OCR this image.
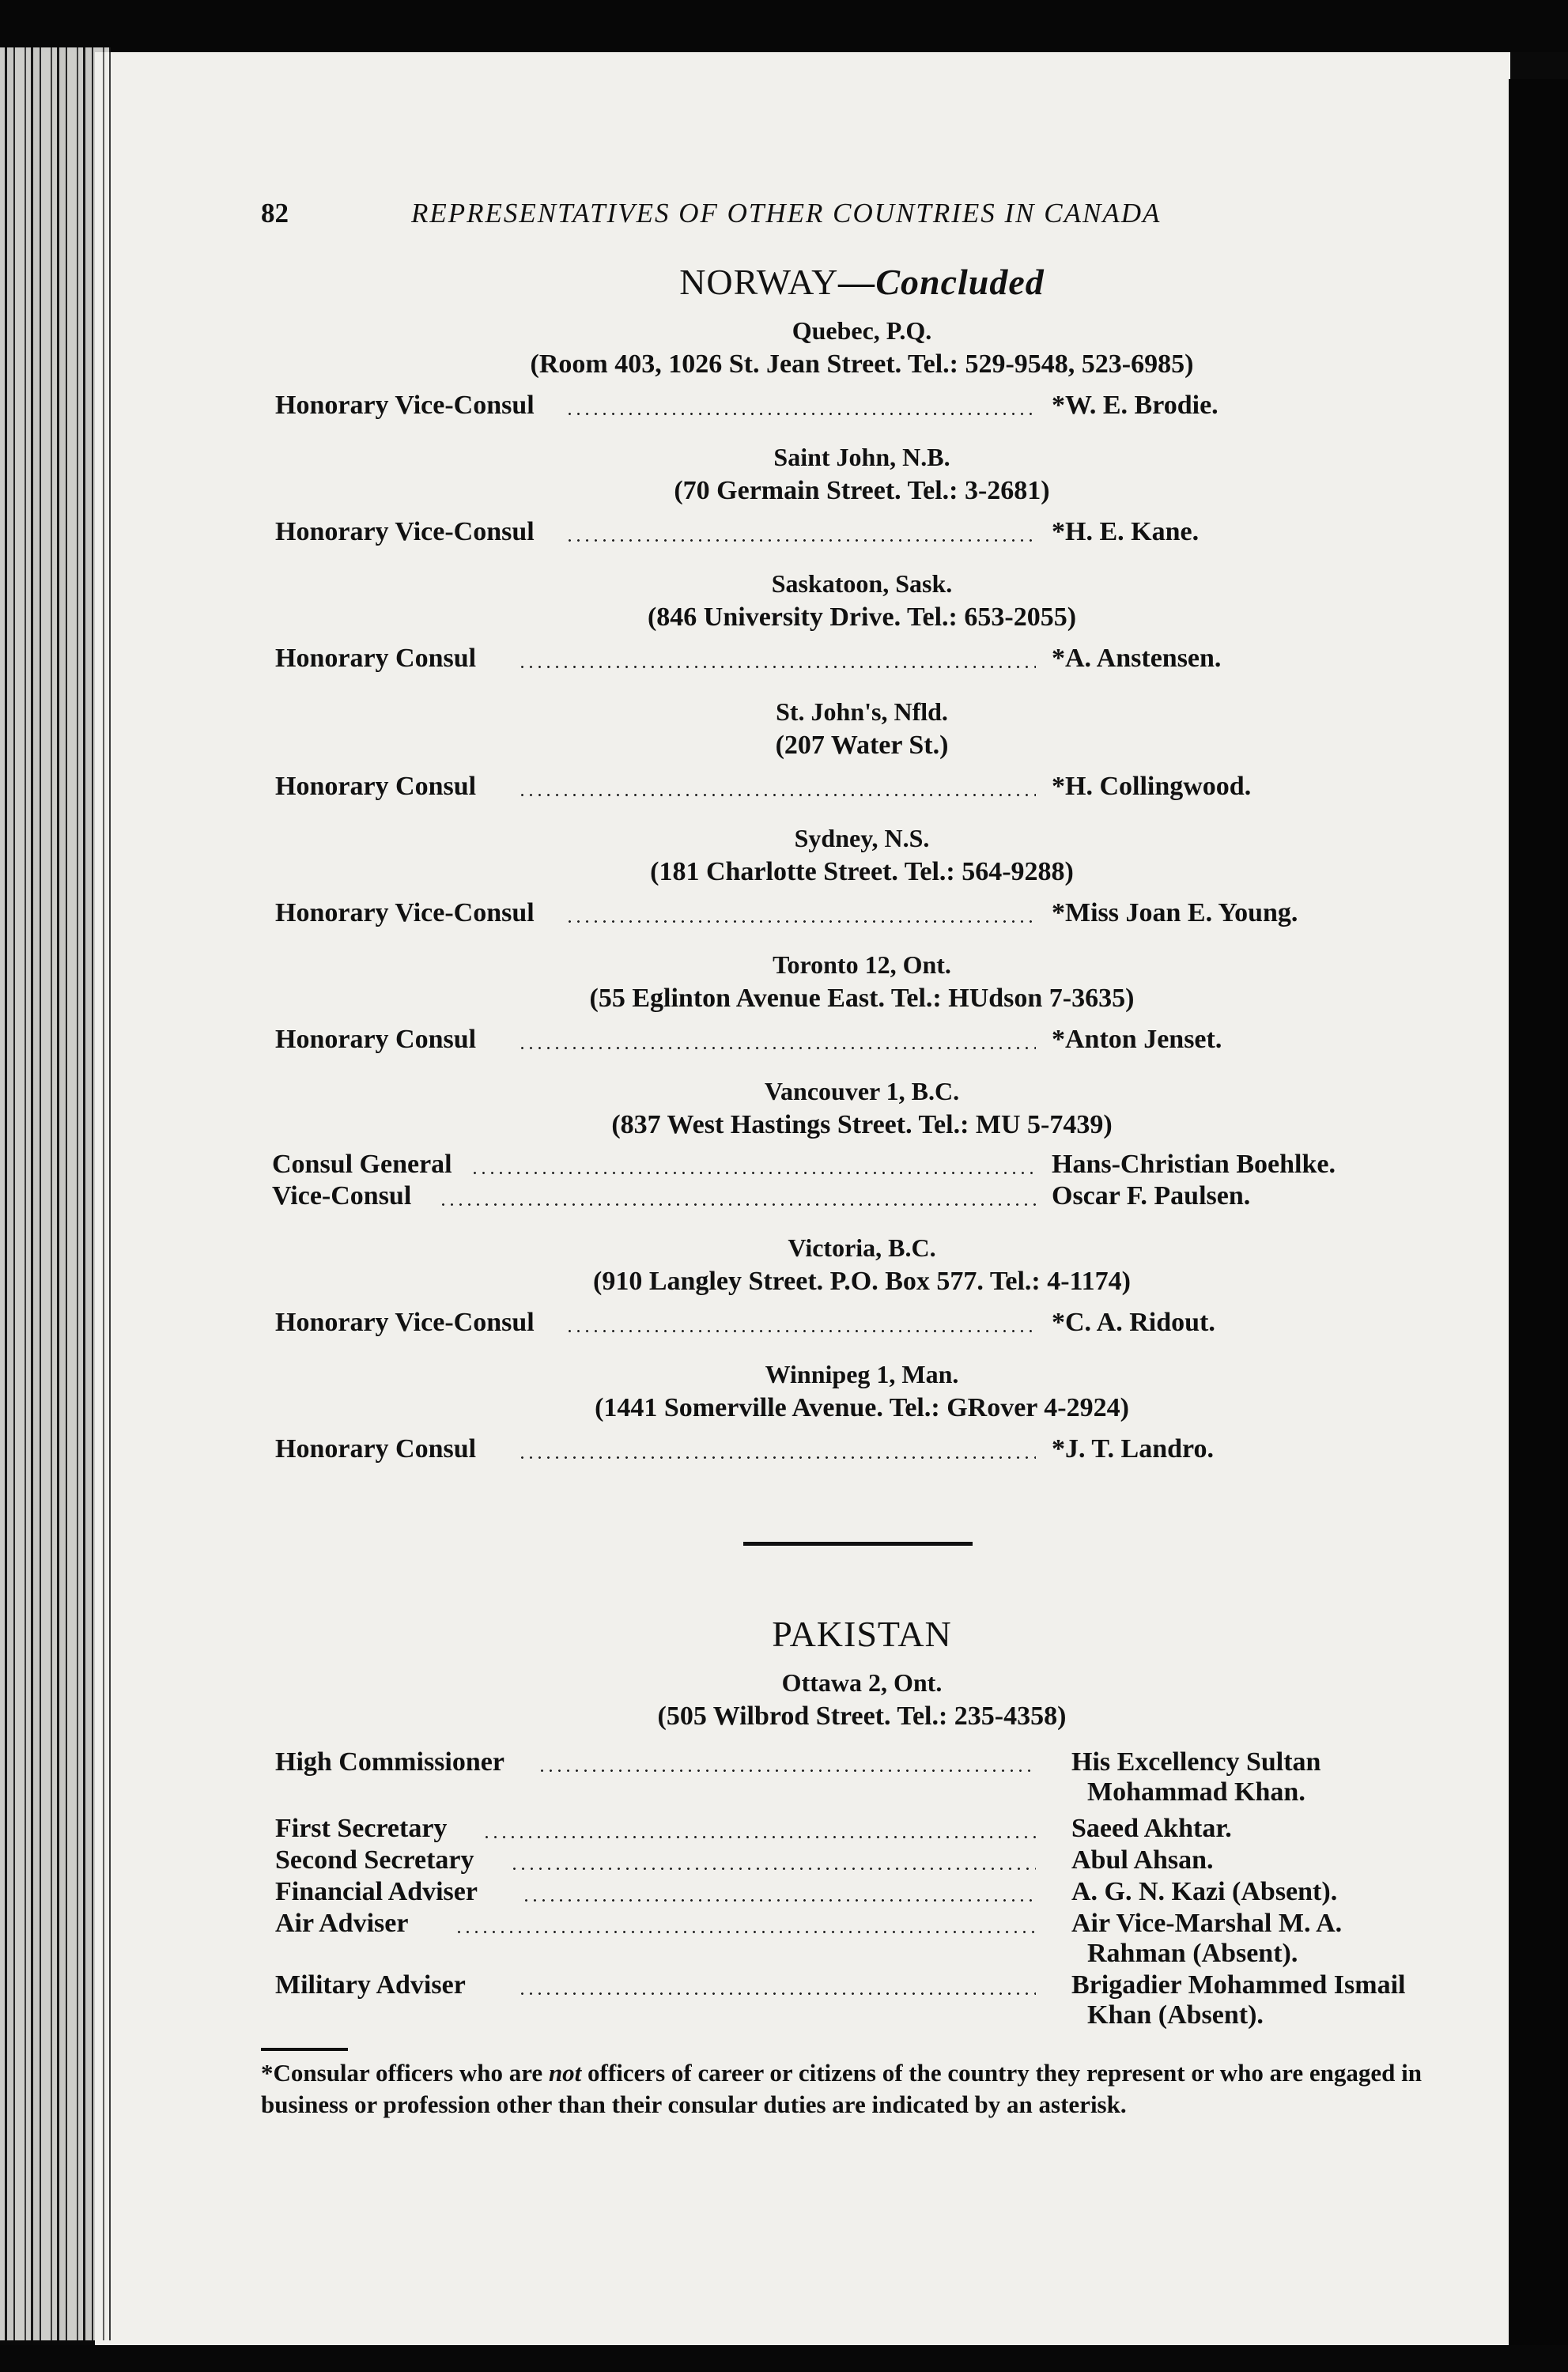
82	REPRESENTATIVES OF OTHER COUNTRIES IN CANADA
NORWAY—Concluded
Quebec, P.Q.
(Room 403, 1026 St. Jean Street. Tel.: 529-9548, 523-6985)
Honorary Vice-Consul	*W. E. Brodie.
Saint John, N.B.
(70 Germain Street. Tel.: 3-2681)
Honorary Vice-Consul	*H. E. Kane.
Saskatoon, Sask.
(846 University Drive. Tel.: 653-2055)
Honorary Consul	*A. Anstensen.
St. John's, Nfld.
(207 Water St.)
Honorary Consul	*H. Collingwood.
Sydney, N.S.
(181 Charlotte Street. Tel.: 564-9288)
Honorary Vice-Consul	*Miss Joan E. Young.
Toronto 12, Ont.
(55 Eglinton Avenue East. Tel.: HUdson 7-3635)
Honorary Consul	*Anton Jenset.
Vancouver 1, B.C.
(837 West Hastings Street. Tel.: MU 5-7439)
Consul General	Hans-Christian Boehlke.
Vice-Consul	Oscar F. Paulsen.
Victoria, B.C.
(910 Langley Street. P.O. Box 577. Tel.: 4-1174)
Honorary Vice-Consul	*C. A. Ridout.
Winnipeg 1, Man.
(1441 Somerville Avenue. Tel.: GRover 4-2924)
Honorary Consul	*J. T. Landro.
PAKISTAN
Ottawa 2, Ont.
(505 Wilbrod Street. Tel.: 235-4358)
High Commissioner	His Excellency Sultan
Mohammad Khan.
First Secretary	Saeed Akhtar.
Second Secretary	Abul Ahsan.
Financial Adviser	A. G. N. Kazi (Absent).
Air Adviser	Air Vice-Marshal M. A.
Rahman (Absent).
Military Adviser	Brigadier Mohammed Ismail
Khan (Absent).
*Consular officers who are not officers of career or citizens of the country they represent or who are engaged in business or profession other than their consular duties are indicated by an asterisk.
